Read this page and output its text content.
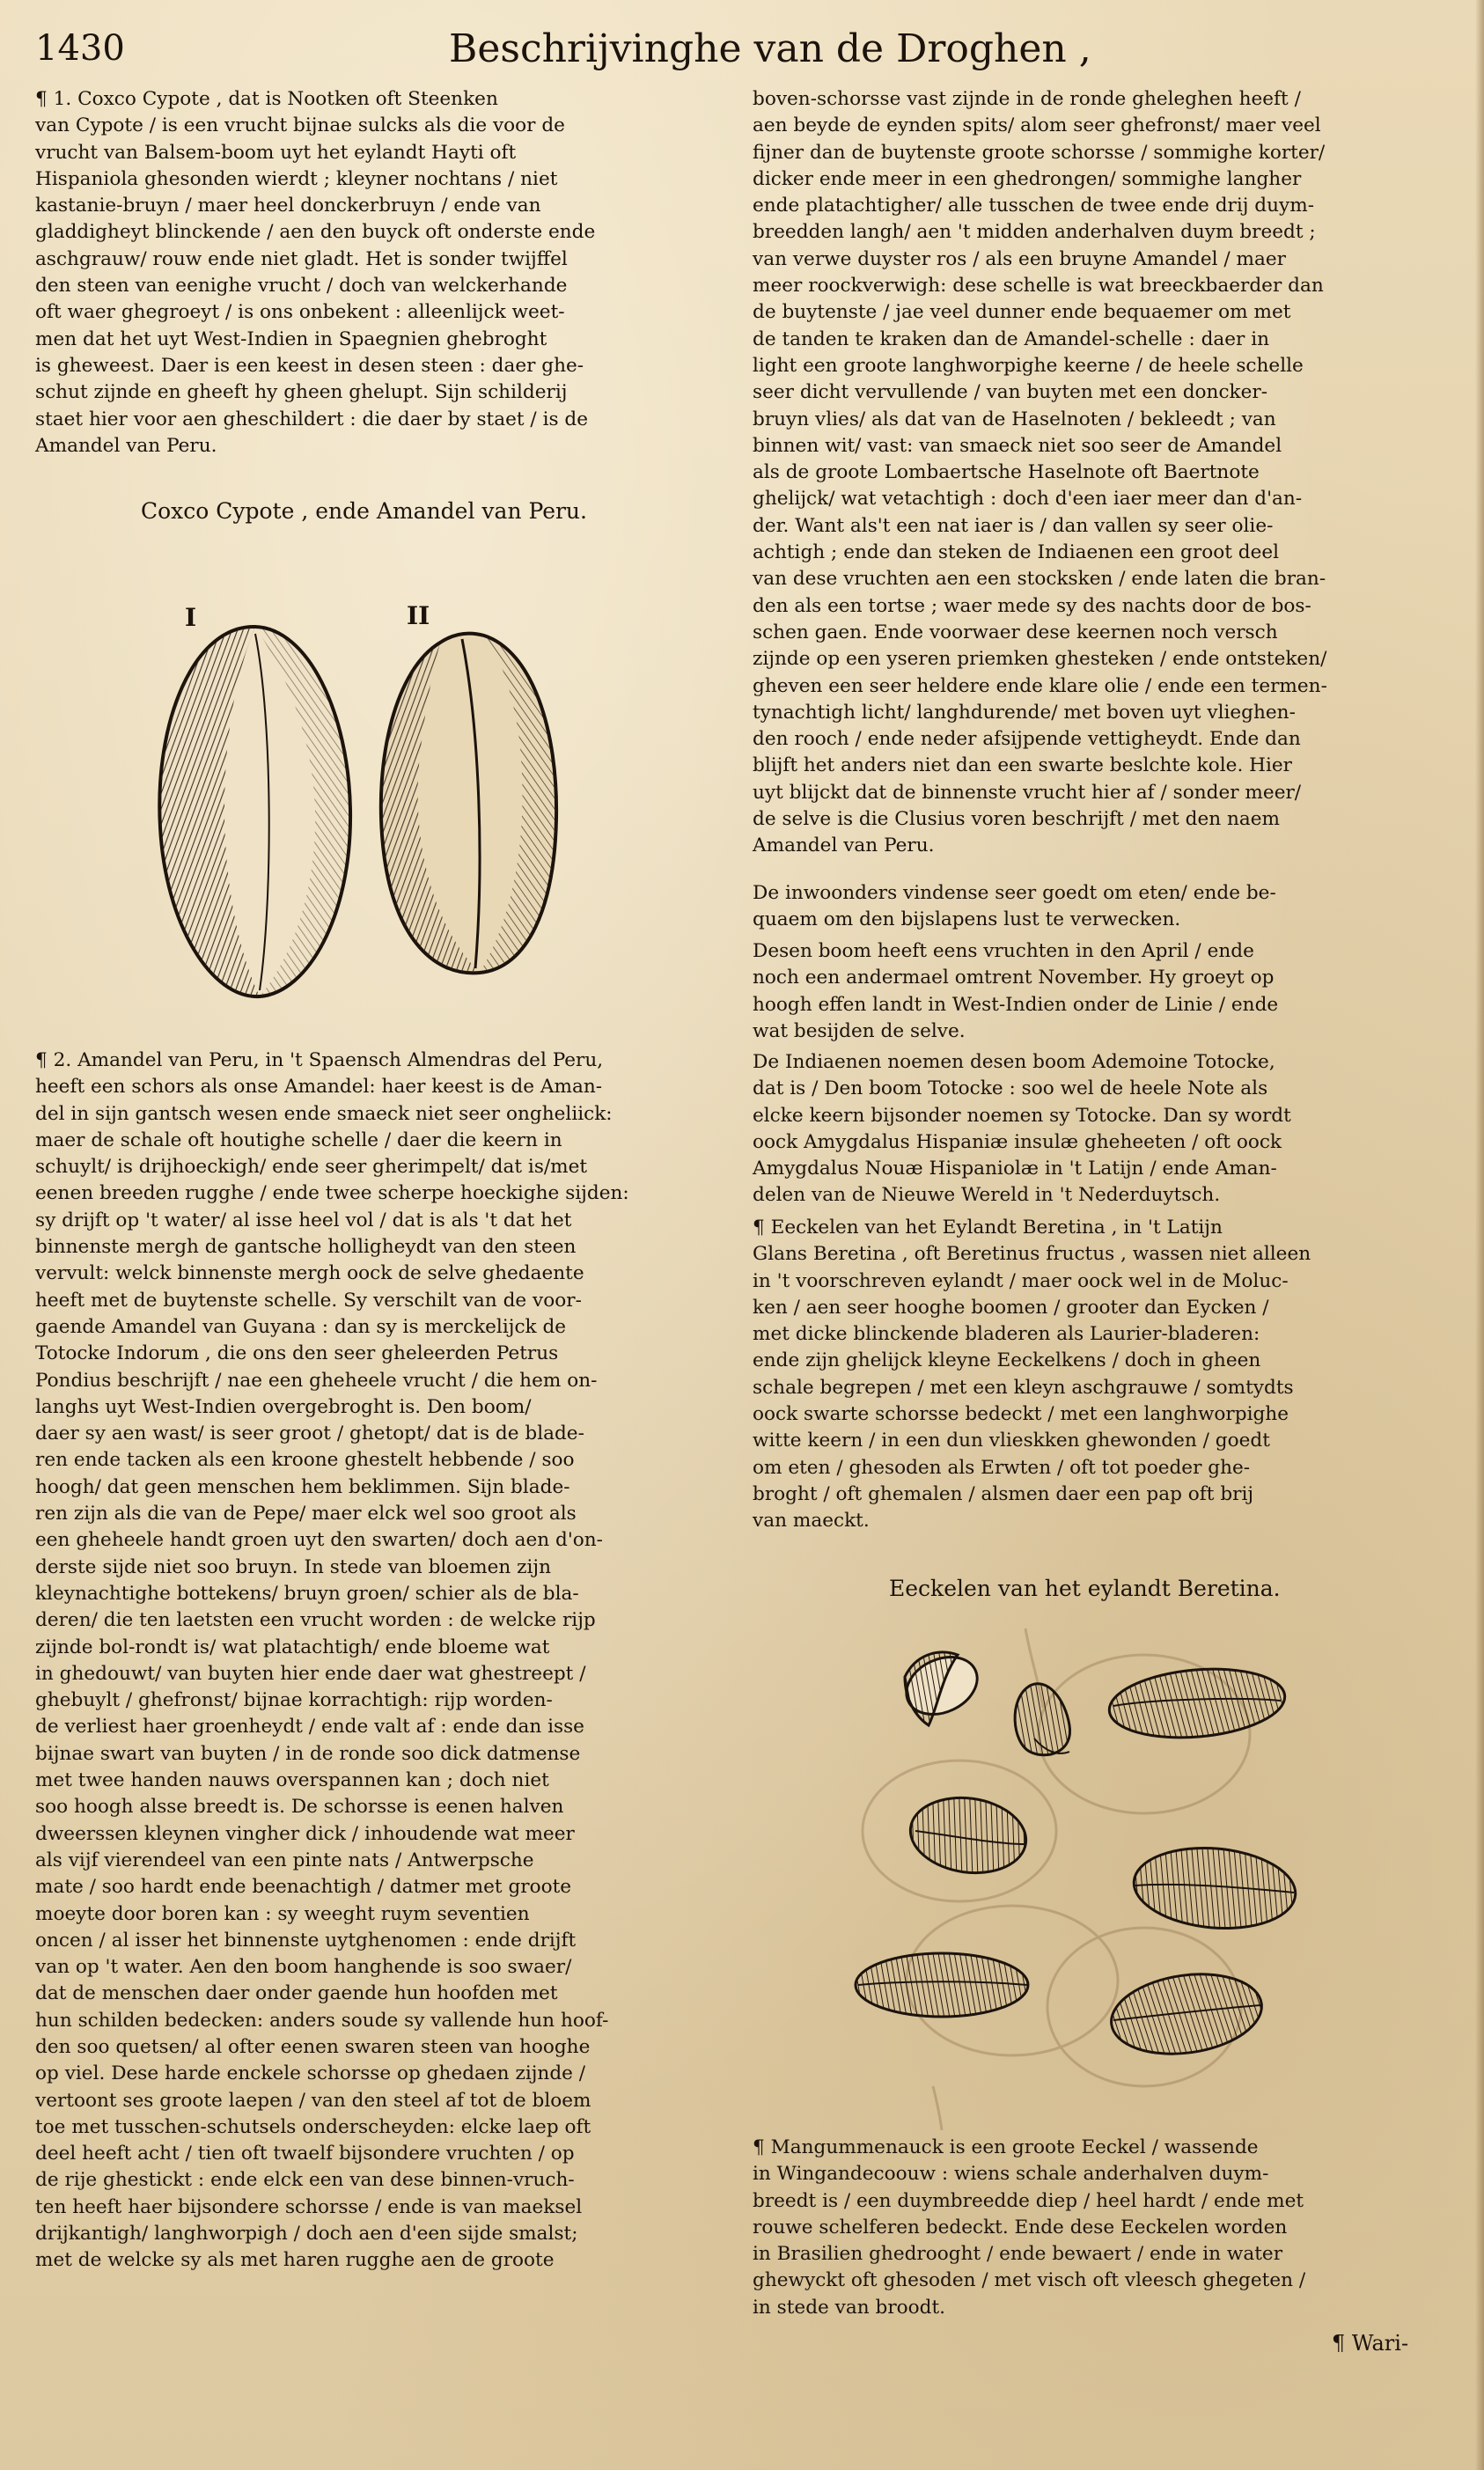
1430	Beschrijvinghe van de Droghen ,

¶ 1. Coxco Cypote , dat is Nootken oft Steenken

van Cypote / is een vrucht bijnae sulcks als die voor de

vrucht van Balsem-boom uyt het eylandt Hayti oft

Hispaniola ghesonden wierdt ; kleyner nochtans / niet

kastanie-bruyn / maer heel donckerbruyn / ende van

gladdigheyt blinckende / aen den buyck oft onderste ende

aschgrauw/ rouw ende niet gladt. Het is sonder twijffel

den steen van eenighe vrucht / doch van welckerhande

oft waer ghegroeyt / is ons onbekent : alleenlijck weet-

men dat het uyt West-Indien in Spaegnien ghebroght

is gheweest. Daer is een keest in desen steen : daer ghe-

schut zijnde en gheeft hy gheen ghelupt. Sijn schilderij

staet hier voor aen gheschildert : die daer by staet / is de

Amandel van Peru.

Coxco Cypote , ende Amandel van Peru.
I	II

¶ 2. Amandel van Peru, in 't Spaensch Almendras del Peru,

heeft een schors als onse Amandel: haer keest is de Aman-

del in sijn gantsch wesen ende smaeck niet seer ongheliick:

maer de schale oft houtighe schelle / daer die keern in

schuylt/ is drijhoeckigh/ ende seer gherimpelt/ dat is/met

eenen breeden rugghe / ende twee scherpe hoeckighe sijden:

sy drijft op 't water/ al isse heel vol / dat is als 't dat het

binnenste mergh de gantsche holligheydt van den steen

vervult: welck binnenste mergh oock de selve ghedaente

heeft met de buytenste schelle. Sy verschilt van de voor-

gaende Amandel van Guyana : dan sy is merckelijck de

Totocke Indorum , die ons den seer gheleerden Petrus

Pondius beschrijft / nae een gheheele vrucht / die hem on-

langhs uyt West-Indien overgebroght is. Den boom/

daer sy aen wast/ is seer groot / ghetopt/ dat is de blade-

ren ende tacken als een kroone ghestelt hebbende / soo

hoogh/ dat geen menschen hem beklimmen. Sijn blade-

ren zijn als die van de Pepe/ maer elck wel soo groot als

een gheheele handt groen uyt den swarten/ doch aen d'on-

derste sijde niet soo bruyn. In stede van bloemen zijn

kleynachtighe bottekens/ bruyn groen/ schier als de bla-

deren/ die ten laetsten een vrucht worden : de welcke rijp

zijnde bol-rondt is/ wat platachtigh/ ende bloeme wat

in ghedouwt/ van buyten hier ende daer wat ghestreept /

ghebuylt / ghefronst/ bijnae korrachtigh: rijp worden-

de verliest haer groenheydt / ende valt af : ende dan isse

bijnae swart van buyten / in de ronde soo dick datmense

met twee handen nauws overspannen kan ; doch niet

soo hoogh alsse breedt is. De schorsse is eenen halven

dweerssen kleynen vingher dick / inhoudende wat meer

als vijf vierendeel van een pinte nats / Antwerpsche

mate / soo hardt ende beenachtigh / datmer met groote

moeyte door boren kan : sy weeght ruym seventien

oncen / al isser het binnenste uytghenomen : ende drijft

van op 't water. Aen den boom hanghende is soo swaer/

dat de menschen daer onder gaende hun hoofden met

hun schilden bedecken: anders soude sy vallende hun hoof-

den soo quetsen/ al ofter eenen swaren steen van hooghe

op viel. Dese harde enckele schorsse op ghedaen zijnde /

vertoont ses groote laepen / van den steel af tot de bloem

toe met tusschen-schutsels onderscheyden: elcke laep oft

deel heeft acht / tien oft twaelf bijsondere vruchten / op

de rije ghestickt : ende elck een van dese binnen-vruch-

ten heeft haer bijsondere schorsse / ende is van maeksel

drijkantigh/ langhworpigh / doch aen d'een sijde smalst;

met de welcke sy als met haren rugghe aen de groote

boven-schorsse vast zijnde in de ronde gheleghen heeft /

aen beyde de eynden spits/ alom seer ghefronst/ maer veel

fijner dan de buytenste groote schorsse / sommighe korter/

dicker ende meer in een ghedrongen/ sommighe langher

ende platachtigher/ alle tusschen de twee ende drij duym-

breedden langh/ aen 't midden anderhalven duym breedt ;

van verwe duyster ros / als een bruyne Amandel / maer

meer roockverwigh: dese schelle is wat breeckbaerder dan

de buytenste / jae veel dunner ende bequaemer om met

de tanden te kraken dan de Amandel-schelle : daer in

light een groote langhworpighe keerne / de heele schelle

seer dicht vervullende / van buyten met een doncker-

bruyn vlies/ als dat van de Haselnoten / bekleedt ; van

binnen wit/ vast: van smaeck niet soo seer de Amandel

als de groote Lombaertsche Haselnote oft Baertnote

ghelijck/ wat vetachtigh : doch d'een iaer meer dan d'an-

der. Want als't een nat iaer is / dan vallen sy seer olie-

achtigh ; ende dan steken de Indiaenen een groot deel

van dese vruchten aen een stocksken / ende laten die bran-

den als een tortse ; waer mede sy des nachts door de bos-

schen gaen. Ende voorwaer dese keernen noch versch

zijnde op een yseren priemken ghesteken / ende ontsteken/

gheven een seer heldere ende klare olie / ende een termen-

tynachtigh licht/ langhdurende/ met boven uyt vlieghen-

den rooch / ende neder afsijpende vettigheydt. Ende dan

blijft het anders niet dan een swarte beslchte kole. Hier

uyt blijckt dat de binnenste vrucht hier af / sonder meer/

de selve is die Clusius voren beschrijft / met den naem

Amandel van Peru.

De inwoonders vindense seer goedt om eten/ ende be-

quaem om den bijslapens lust te verwecken.

Desen boom heeft eens vruchten in den April / ende

noch een andermael omtrent November. Hy groeyt op

hoogh effen landt in West-Indien onder de Linie / ende

wat besijden de selve.

De Indiaenen noemen desen boom Ademoine Totocke,

dat is / Den boom Totocke : soo wel de heele Note als

elcke keern bijsonder noemen sy Totocke. Dan sy wordt

oock Amygdalus Hispaniæ insulæ gheheeten / oft oock

Amygdalus Nouæ Hispaniolæ in 't Latijn / ende Aman-

delen van de Nieuwe Wereld in 't Nederduytsch.

¶ Eeckelen van het Eylandt Beretina , in 't Latijn

Glans Beretina , oft Beretinus fructus , wassen niet alleen

in 't voorschreven eylandt / maer oock wel in de Moluc-

ken / aen seer hooghe boomen / grooter dan Eycken /

met dicke blinckende bladeren als Laurier-bladeren:

ende zijn ghelijck kleyne Eeckelkens / doch in gheen

schale begrepen / met een kleyn aschgrauwe / somtydts

oock swarte schorsse bedeckt / met een langhworpighe

witte keern / in een dun vlieskken ghewonden / goedt

om eten / ghesoden als Erwten / oft tot poeder ghe-

broght / oft ghemalen / alsmen daer een pap oft brij

van maeckt.

Eeckelen van het eylandt Beretina.

¶ Mangummenauck is een groote Eeckel / wassende

in Wingandecoouw : wiens schale anderhalven duym-

breedt is / een duymbreedde diep / heel hardt / ende met

rouwe schelferen bedeckt. Ende dese Eeckelen worden

in Brasilien ghedrooght / ende bewaert / ende in water

ghewyckt oft ghesoden / met visch oft vleesch ghegeten /

in stede van broodt.

¶ Wari-
